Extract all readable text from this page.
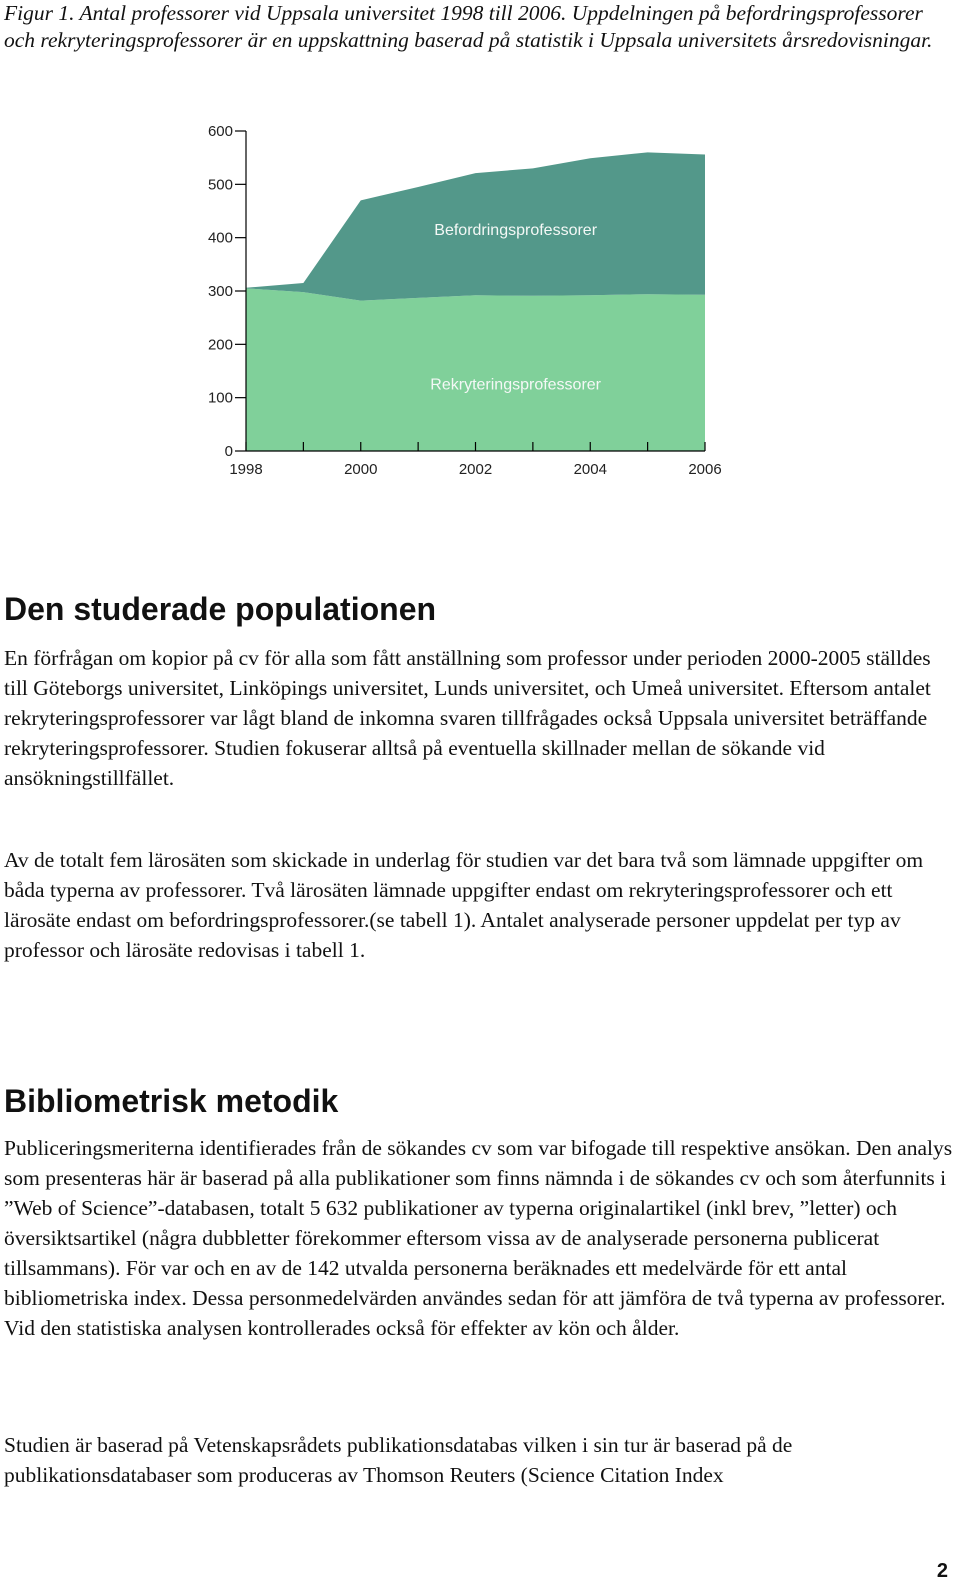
Figur 1. Antal professorer vid Uppsala universitet 1998 till 2006. Uppdelningen på befordringsprofessorer och rekryteringsprofessorer är en uppskattning baserad på statistik i Uppsala universitets årsredovisningar.

0
100
200
300
400
500
600
1998	2000	2002	2004	2006
Rekryteringsprofessorer
Befordringsprofessorer
Den studerade populationen

En förfrågan om kopior på cv för alla som fått anställning som professor under perioden 2000-2005 ställdes till Göteborgs universitet, Linköpings universitet, Lunds universitet, och Umeå universitet. Eftersom antalet rekryteringsprofessorer var lågt bland de inkomna svaren tillfrågades också Uppsala universitet beträffande rekryteringsprofessorer. Studien fokuserar alltså på eventuella skillnader mellan de sökande vid ansökningstillfället.

Av de totalt fem lärosäten som skickade in underlag för studien var det bara två som lämnade uppgifter om båda typerna av professorer. Två lärosäten lämnade uppgifter endast om rekryteringsprofessorer och ett lärosäte endast om befordringsprofessorer.(se tabell 1). Antalet analyserade personer uppdelat per typ av professor och lärosäte redovisas i tabell 1.

Bibliometrisk metodik

Publiceringsmeriterna identifierades från de sökandes cv som var bifogade till respektive ansökan. Den analys som presenteras här är baserad på alla publikationer som finns nämnda i de sökandes cv och som återfunnits i ”Web of Science”-databasen, totalt 5 632 publikationer av typerna originalartikel (inkl brev, ”letter) och översiktsartikel (några dubbletter förekommer eftersom vissa av de analyserade personerna publicerat tillsammans). För var och en av de 142 utvalda personerna beräknades ett medelvärde för ett antal bibliometriska index. Dessa personmedelvärden användes sedan för att jämföra de två typerna av professorer. Vid den statistiska analysen kontrollerades också för effekter av kön och ålder.

Studien är baserad på Vetenskapsrådets publikationsdatabas vilken i sin tur är baserad på de publikationsdatabaser som produceras av Thomson Reuters (Science Citation Index

2
